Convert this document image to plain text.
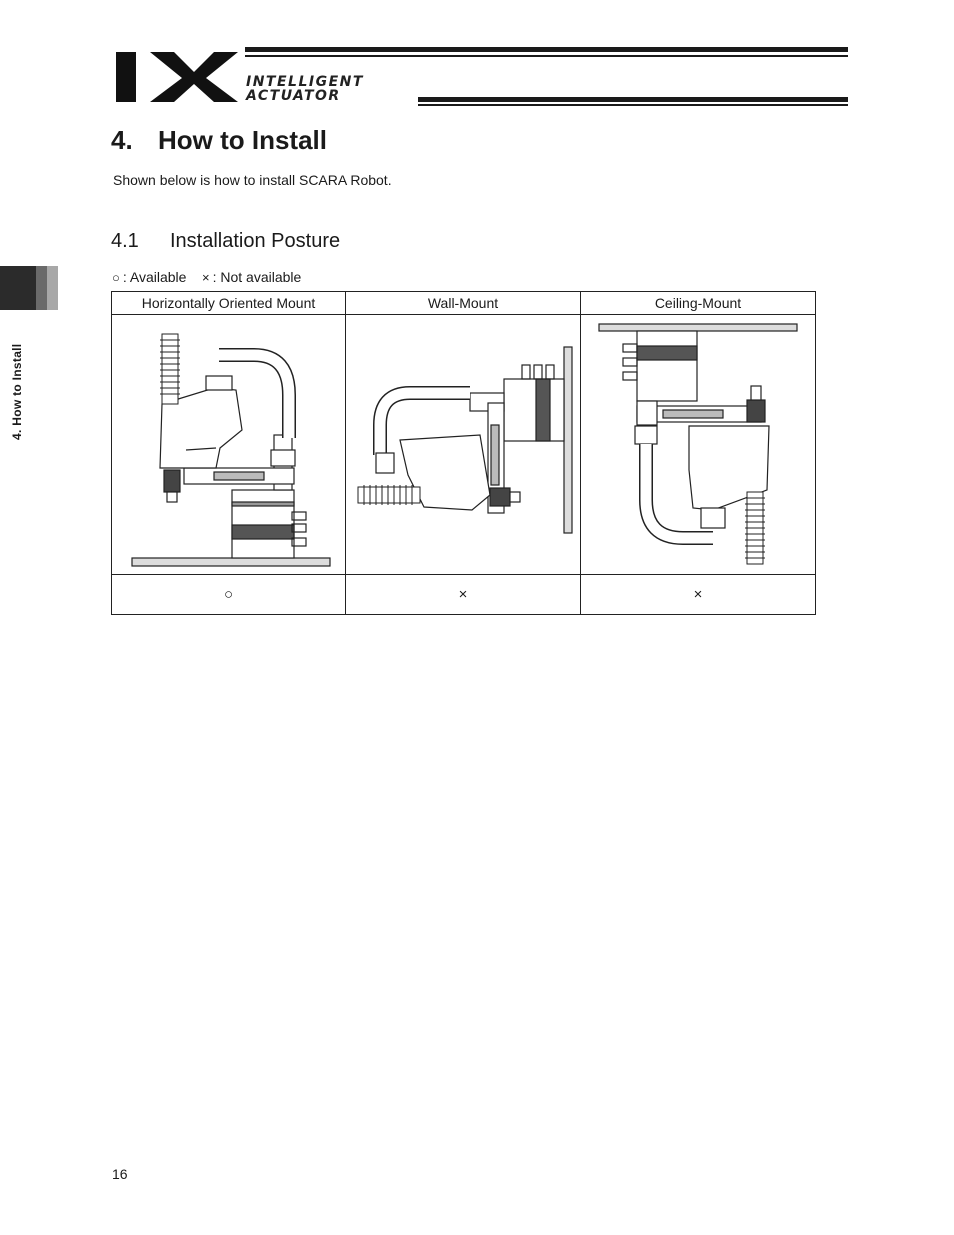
INTELLIGENT
ACTUATOR
4. How to Install
4. How to Install
Shown below is how to install SCARA Robot.
4.1 Installation Posture
○ : Available × : Not available
Horizontally Oriented Mount	Wall-Mount	Ceiling-Mount

○	×	×
16
